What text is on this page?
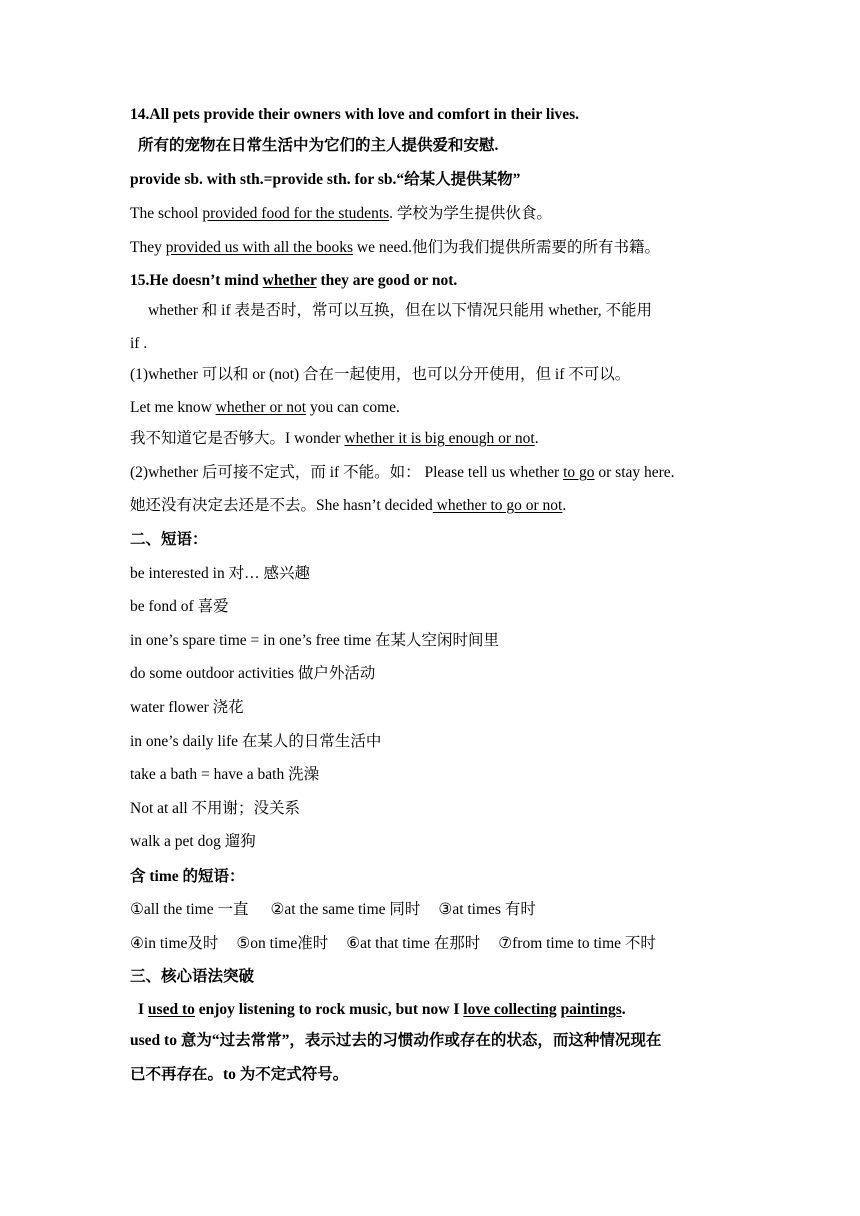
14.All pets provide their owners with love and comfort in their lives.
所有的宠物在日常生活中为它们的主人提供爱和安慰.
provide sb. with sth.=provide sth. for sb.“给某人提供某物”
The school provided food for the students. 学校为学生提供伙食。
They provided us with all the books we need.他们为我们提供所需要的所有书籍。
15.He doesn’t mind whether they are good or not.
whether 和 if 表是否时，常可以互换，但在以下情况只能用 whether, 不能用
if .
(1)whether 可以和 or (not) 合在一起使用，也可以分开使用，但 if 不可以。
Let me know whether or not you can come.
我不知道它是否够大。I wonder whether it is big enough or not.
(2)whether 后可接不定式，而 if 不能。如： Please tell us whether to go or stay here.
她还没有决定去还是不去。She hasn’t decided whether to go or not.
二、短语：
be interested in 对… 感兴趣
be fond of 喜爱
in one’s spare time = in one’s free time 在某人空闲时间里
do some outdoor activities 做户外活动
water flower 浇花
in one’s daily life 在某人的日常生活中
take a bath = have a bath 洗澡
Not at all 不用谢；没关系
walk a pet dog 遛狗
含 time 的短语：
①all the time 一直 ②at the same time 同时 ③at times 有时
④in time及时 ⑤on time准时 ⑥at that time 在那时 ⑦from time to time 不时
三、核心语法突破
I used to enjoy listening to rock music, but now I love collecting paintings.
used to 意为“过去常常”，表示过去的习惯动作或存在的状态，而这种情况现在
已不再存在。to 为不定式符号。
